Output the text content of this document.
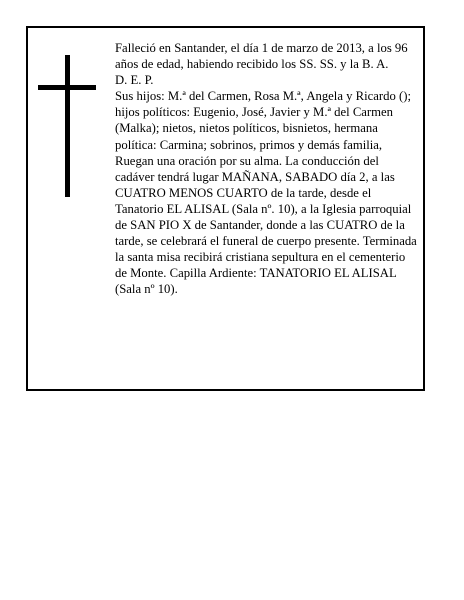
Falleció en Santander, el día 1 de marzo de 2013, a los 96 años de edad, habiendo recibido los SS. SS. y la B. A.

D. E. P.

Sus hijos: M.ª del Carmen, Rosa M.ª, Angela y Ricardo (); hijos políticos: Eugenio, José, Javier y M.ª del Carmen (Malka); nietos, nietos políticos, bisnietos, hermana política: Carmina; sobrinos, primos y demás familia,

Ruegan una oración por su alma. La conducción del cadáver tendrá lugar MAÑANA, SABADO día 2, a las CUATRO MENOS CUARTO de la tarde, desde el Tanatorio EL ALISAL (Sala nº. 10), a la Iglesia parroquial de SAN PIO X de Santander, donde a las CUATRO de la tarde, se celebrará el funeral de cuerpo presente. Terminada la santa misa recibirá cristiana sepultura en el cementerio de Monte. Capilla Ardiente: TANATORIO EL ALISAL (Sala nº 10).
